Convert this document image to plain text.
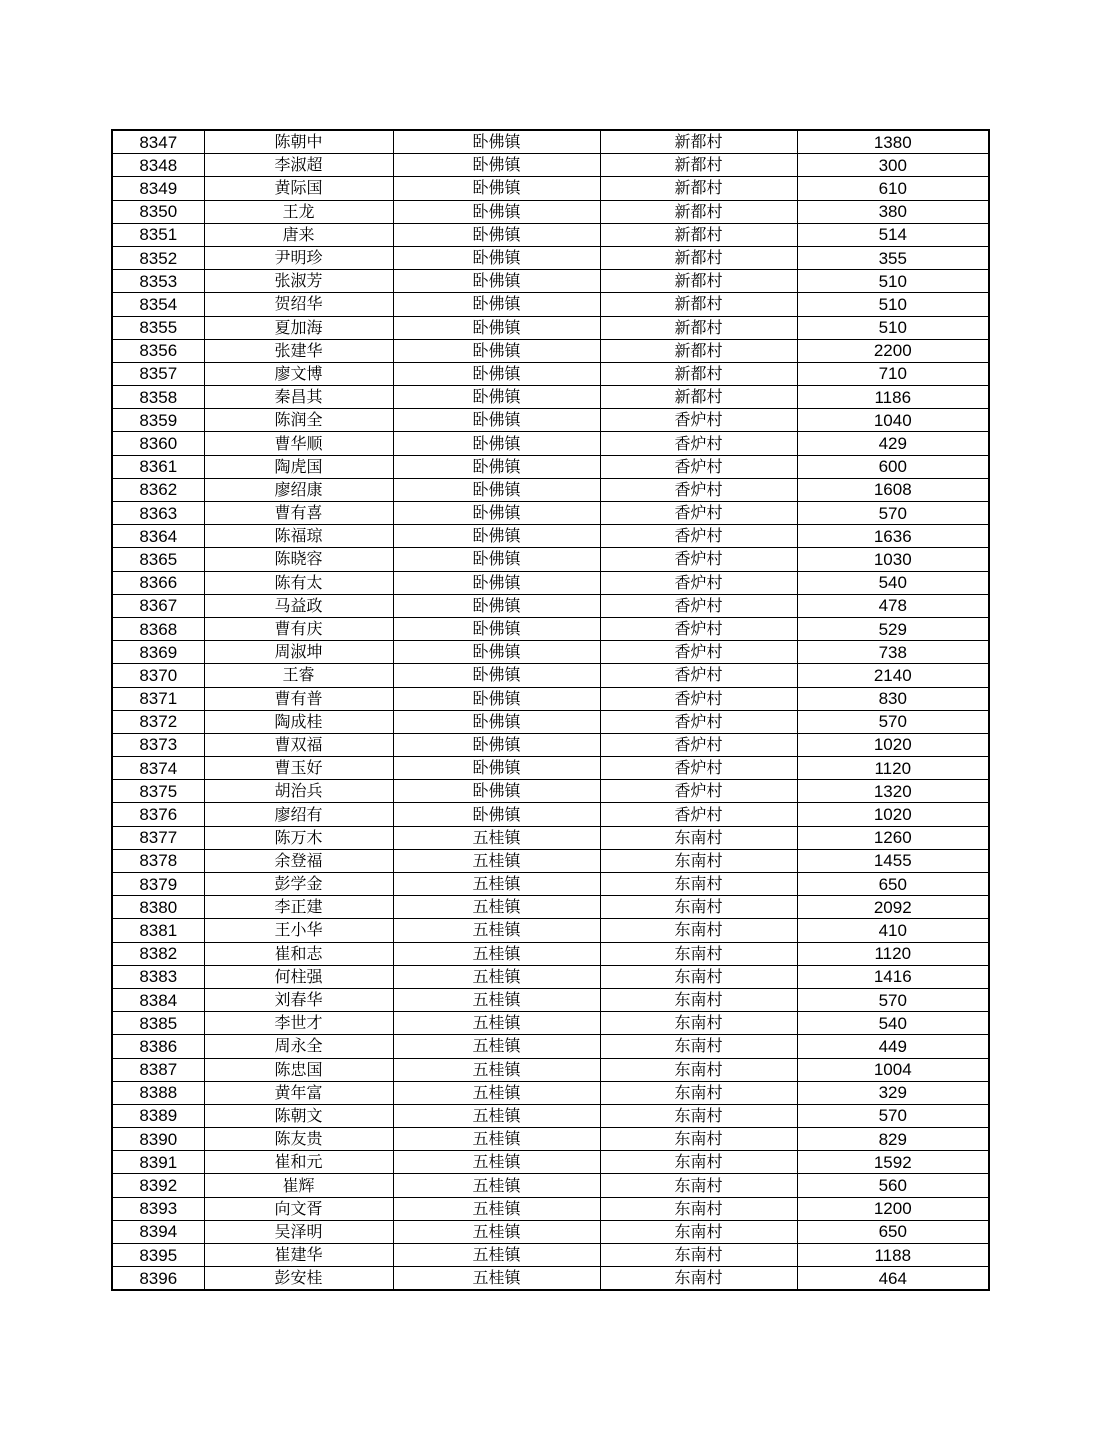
8347	陈朝中	卧佛镇	新都村	1380
8348	李淑超	卧佛镇	新都村	300
8349	黄际国	卧佛镇	新都村	610
8350	王龙	卧佛镇	新都村	380
8351	唐来	卧佛镇	新都村	514
8352	尹明珍	卧佛镇	新都村	355
8353	张淑芳	卧佛镇	新都村	510
8354	贺绍华	卧佛镇	新都村	510
8355	夏加海	卧佛镇	新都村	510
8356	张建华	卧佛镇	新都村	2200
8357	廖文博	卧佛镇	新都村	710
8358	秦昌其	卧佛镇	新都村	1186
8359	陈润全	卧佛镇	香炉村	1040
8360	曹华顺	卧佛镇	香炉村	429
8361	陶虎国	卧佛镇	香炉村	600
8362	廖绍康	卧佛镇	香炉村	1608
8363	曹有喜	卧佛镇	香炉村	570
8364	陈福琼	卧佛镇	香炉村	1636
8365	陈晓容	卧佛镇	香炉村	1030
8366	陈有太	卧佛镇	香炉村	540
8367	马益政	卧佛镇	香炉村	478
8368	曹有庆	卧佛镇	香炉村	529
8369	周淑坤	卧佛镇	香炉村	738
8370	王睿	卧佛镇	香炉村	2140
8371	曹有普	卧佛镇	香炉村	830
8372	陶成桂	卧佛镇	香炉村	570
8373	曹双福	卧佛镇	香炉村	1020
8374	曹玉好	卧佛镇	香炉村	1120
8375	胡治兵	卧佛镇	香炉村	1320
8376	廖绍有	卧佛镇	香炉村	1020
8377	陈万木	五桂镇	东南村	1260
8378	余登福	五桂镇	东南村	1455
8379	彭学金	五桂镇	东南村	650
8380	李正建	五桂镇	东南村	2092
8381	王小华	五桂镇	东南村	410
8382	崔和志	五桂镇	东南村	1120
8383	何柱强	五桂镇	东南村	1416
8384	刘春华	五桂镇	东南村	570
8385	李世才	五桂镇	东南村	540
8386	周永全	五桂镇	东南村	449
8387	陈忠国	五桂镇	东南村	1004
8388	黄年富	五桂镇	东南村	329
8389	陈朝文	五桂镇	东南村	570
8390	陈友贵	五桂镇	东南村	829
8391	崔和元	五桂镇	东南村	1592
8392	崔辉	五桂镇	东南村	560
8393	向文胥	五桂镇	东南村	1200
8394	吴泽明	五桂镇	东南村	650
8395	崔建华	五桂镇	东南村	1188
8396	彭安桂	五桂镇	东南村	464
